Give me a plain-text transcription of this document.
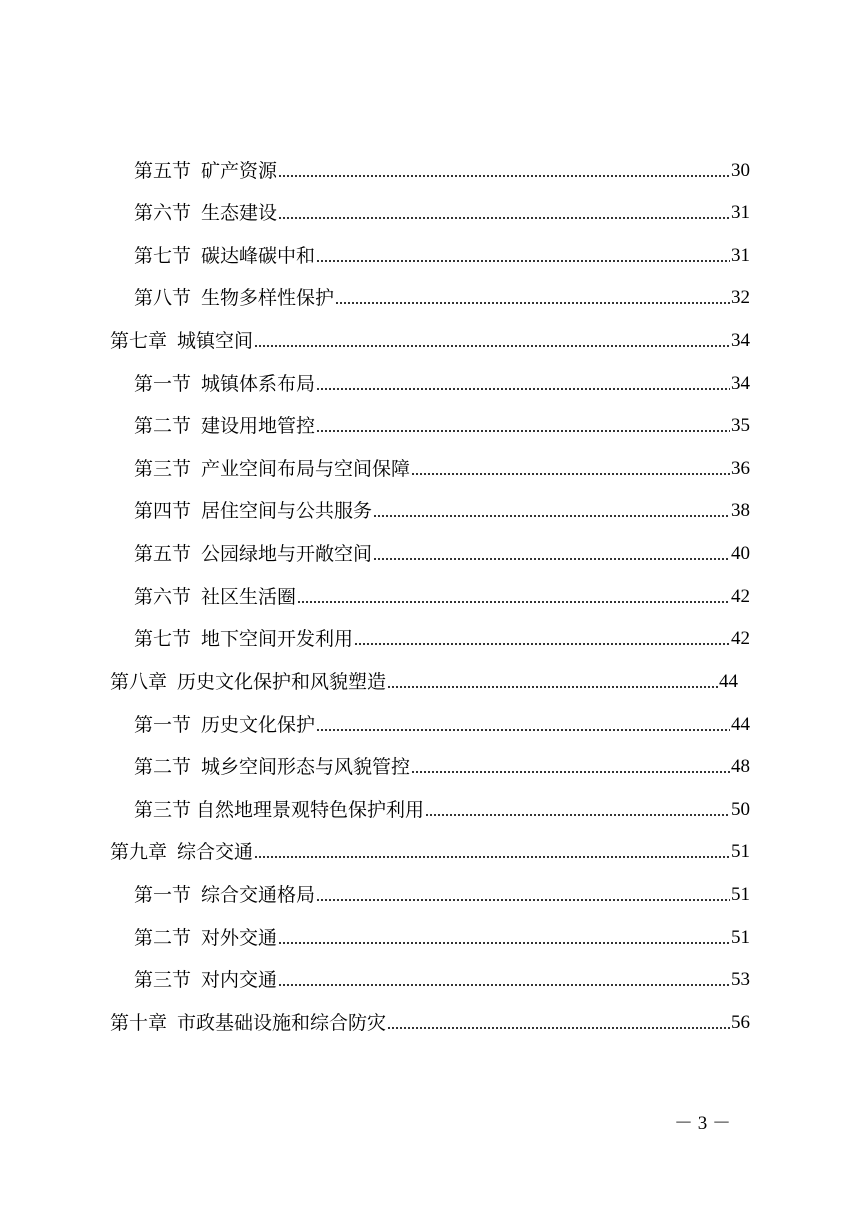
第五节 矿产资源	30
第六节 生态建设	31
第七节 碳达峰碳中和	31
第八节 生物多样性保护	32
第七章 城镇空间	34
第一节 城镇体系布局	34
第二节 建设用地管控	35
第三节 产业空间布局与空间保障	36
第四节 居住空间与公共服务	38
第五节 公园绿地与开敞空间	40
第六节 社区生活圈	42
第七节 地下空间开发利用	42
第八章 历史文化保护和风貌塑造	44
第一节 历史文化保护	44
第二节 城乡空间形态与风貌管控	48
第三节 自然地理景观特色保护利用	50
第九章 综合交通	51
第一节 综合交通格局	51
第二节 对外交通	51
第三节 对内交通	53
第十章 市政基础设施和综合防灾	56
－ 3 －
